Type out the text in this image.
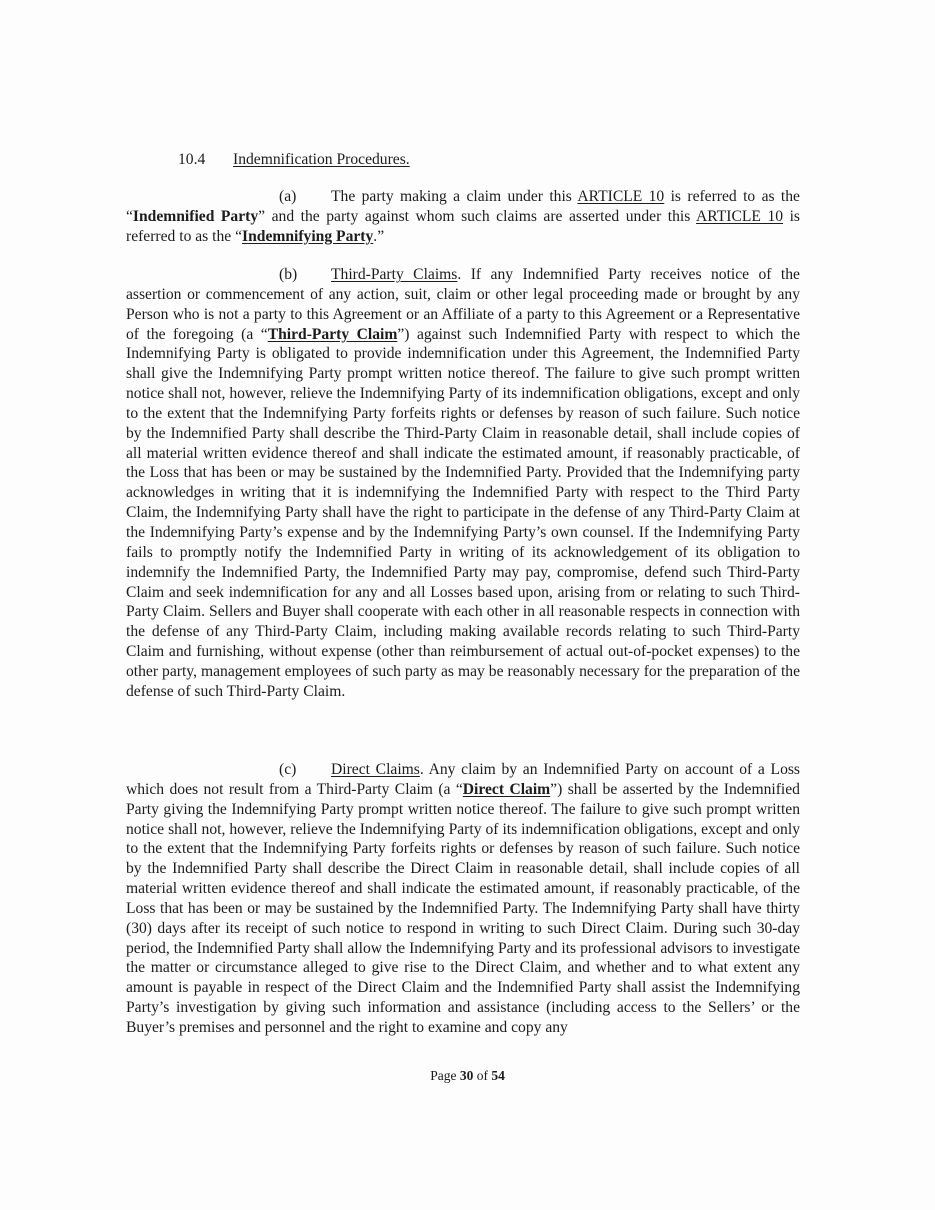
10.4 Indemnification Procedures.

(a) The party making a claim under this ARTICLE 10 is referred to as the “Indemnified Party” and the party against whom such claims are asserted under this ARTICLE 10 is referred to as the “Indemnifying Party.”

(b) Third-Party Claims. If any Indemnified Party receives notice of the assertion or commencement of any action, suit, claim or other legal proceeding made or brought by any Person who is not a party to this Agreement or an Affiliate of a party to this Agreement or a Representative of the foregoing (a “Third-Party Claim”) against such Indemnified Party with respect to which the Indemnifying Party is obligated to provide indemnification under this Agreement, the Indemnified Party shall give the Indemnifying Party prompt written notice thereof. The failure to give such prompt written notice shall not, however, relieve the Indemnifying Party of its indemnification obligations, except and only to the extent that the Indemnifying Party forfeits rights or defenses by reason of such failure. Such notice by the Indemnified Party shall describe the Third-Party Claim in reasonable detail, shall include copies of all material written evidence thereof and shall indicate the estimated amount, if reasonably practicable, of the Loss that has been or may be sustained by the Indemnified Party. Provided that the Indemnifying party acknowledges in writing that it is indemnifying the Indemnified Party with respect to the Third Party Claim, the Indemnifying Party shall have the right to participate in the defense of any Third-Party Claim at the Indemnifying Party’s expense and by the Indemnifying Party’s own counsel. If the Indemnifying Party fails to promptly notify the Indemnified Party in writing of its acknowledgement of its obligation to indemnify the Indemnified Party, the Indemnified Party may pay, compromise, defend such Third-Party Claim and seek indemnification for any and all Losses based upon, arising from or relating to such Third-Party Claim. Sellers and Buyer shall cooperate with each other in all reasonable respects in connection with the defense of any Third-Party Claim, including making available records relating to such Third-Party Claim and furnishing, without expense (other than reimbursement of actual out-of-pocket expenses) to the other party, management employees of such party as may be reasonably necessary for the preparation of the defense of such Third-Party Claim.

(c) Direct Claims. Any claim by an Indemnified Party on account of a Loss which does not result from a Third-Party Claim (a “Direct Claim”) shall be asserted by the Indemnified Party giving the Indemnifying Party prompt written notice thereof. The failure to give such prompt written notice shall not, however, relieve the Indemnifying Party of its indemnification obligations, except and only to the extent that the Indemnifying Party forfeits rights or defenses by reason of such failure. Such notice by the Indemnified Party shall describe the Direct Claim in reasonable detail, shall include copies of all material written evidence thereof and shall indicate the estimated amount, if reasonably practicable, of the Loss that has been or may be sustained by the Indemnified Party. The Indemnifying Party shall have thirty (30) days after its receipt of such notice to respond in writing to such Direct Claim. During such 30-day period, the Indemnified Party shall allow the Indemnifying Party and its professional advisors to investigate the matter or circumstance alleged to give rise to the Direct Claim, and whether and to what extent any amount is payable in respect of the Direct Claim and the Indemnified Party shall assist the Indemnifying Party’s investigation by giving such information and assistance (including access to the Sellers’ or the Buyer’s premises and personnel and the right to examine and copy any

Page 30 of 54
